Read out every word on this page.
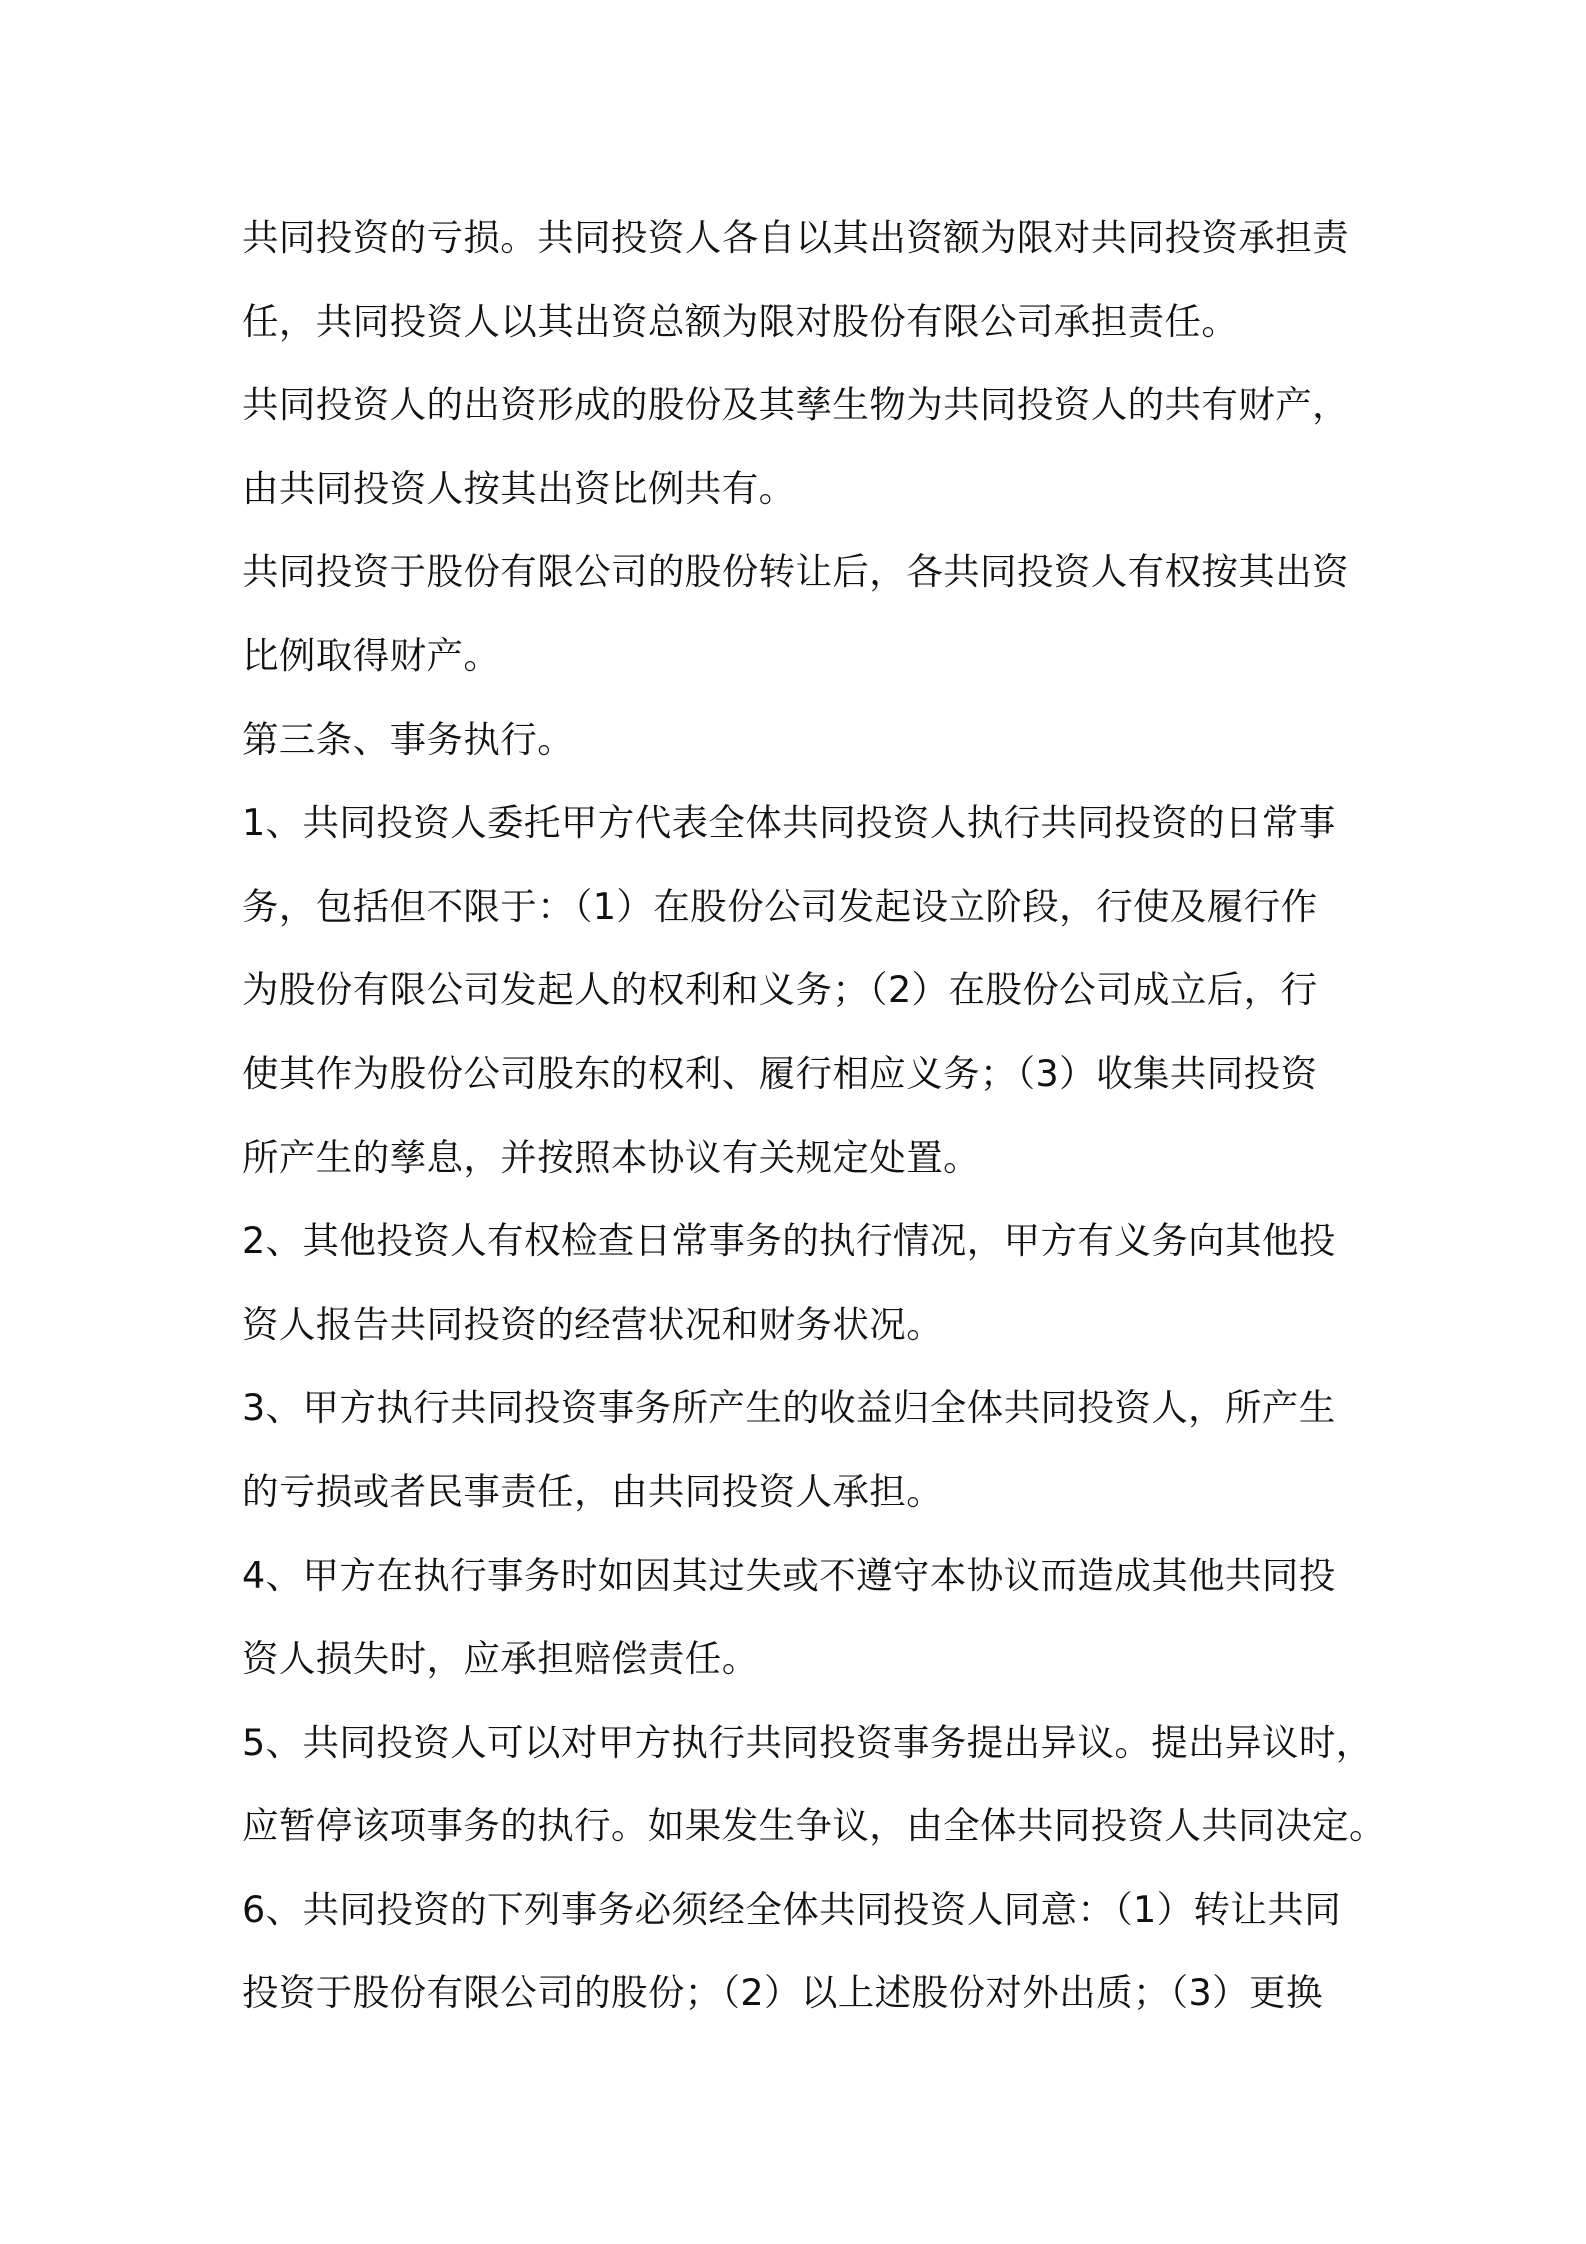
共同投资的亏损。共同投资人各自以其出资额为限对共同投资承担责
任，共同投资人以其出资总额为限对股份有限公司承担责任。
共同投资人的出资形成的股份及其孳生物为共同投资人的共有财产，
由共同投资人按其出资比例共有。
共同投资于股份有限公司的股份转让后，各共同投资人有权按其出资
比例取得财产。
第三条、事务执行。
1、共同投资人委托甲方代表全体共同投资人执行共同投资的日常事
务，包括但不限于：（1）在股份公司发起设立阶段，行使及履行作
为股份有限公司发起人的权利和义务；（2）在股份公司成立后，行
使其作为股份公司股东的权利、履行相应义务；（3）收集共同投资
所产生的孳息，并按照本协议有关规定处置。
2、其他投资人有权检查日常事务的执行情况，甲方有义务向其他投
资人报告共同投资的经营状况和财务状况。
3、甲方执行共同投资事务所产生的收益归全体共同投资人，所产生
的亏损或者民事责任，由共同投资人承担。
4、甲方在执行事务时如因其过失或不遵守本协议而造成其他共同投
资人损失时，应承担赔偿责任。
5、共同投资人可以对甲方执行共同投资事务提出异议。提出异议时，
应暂停该项事务的执行。如果发生争议，由全体共同投资人共同决定。
6、共同投资的下列事务必须经全体共同投资人同意：（1）转让共同
投资于股份有限公司的股份；（2）以上述股份对外出质；（3）更换
